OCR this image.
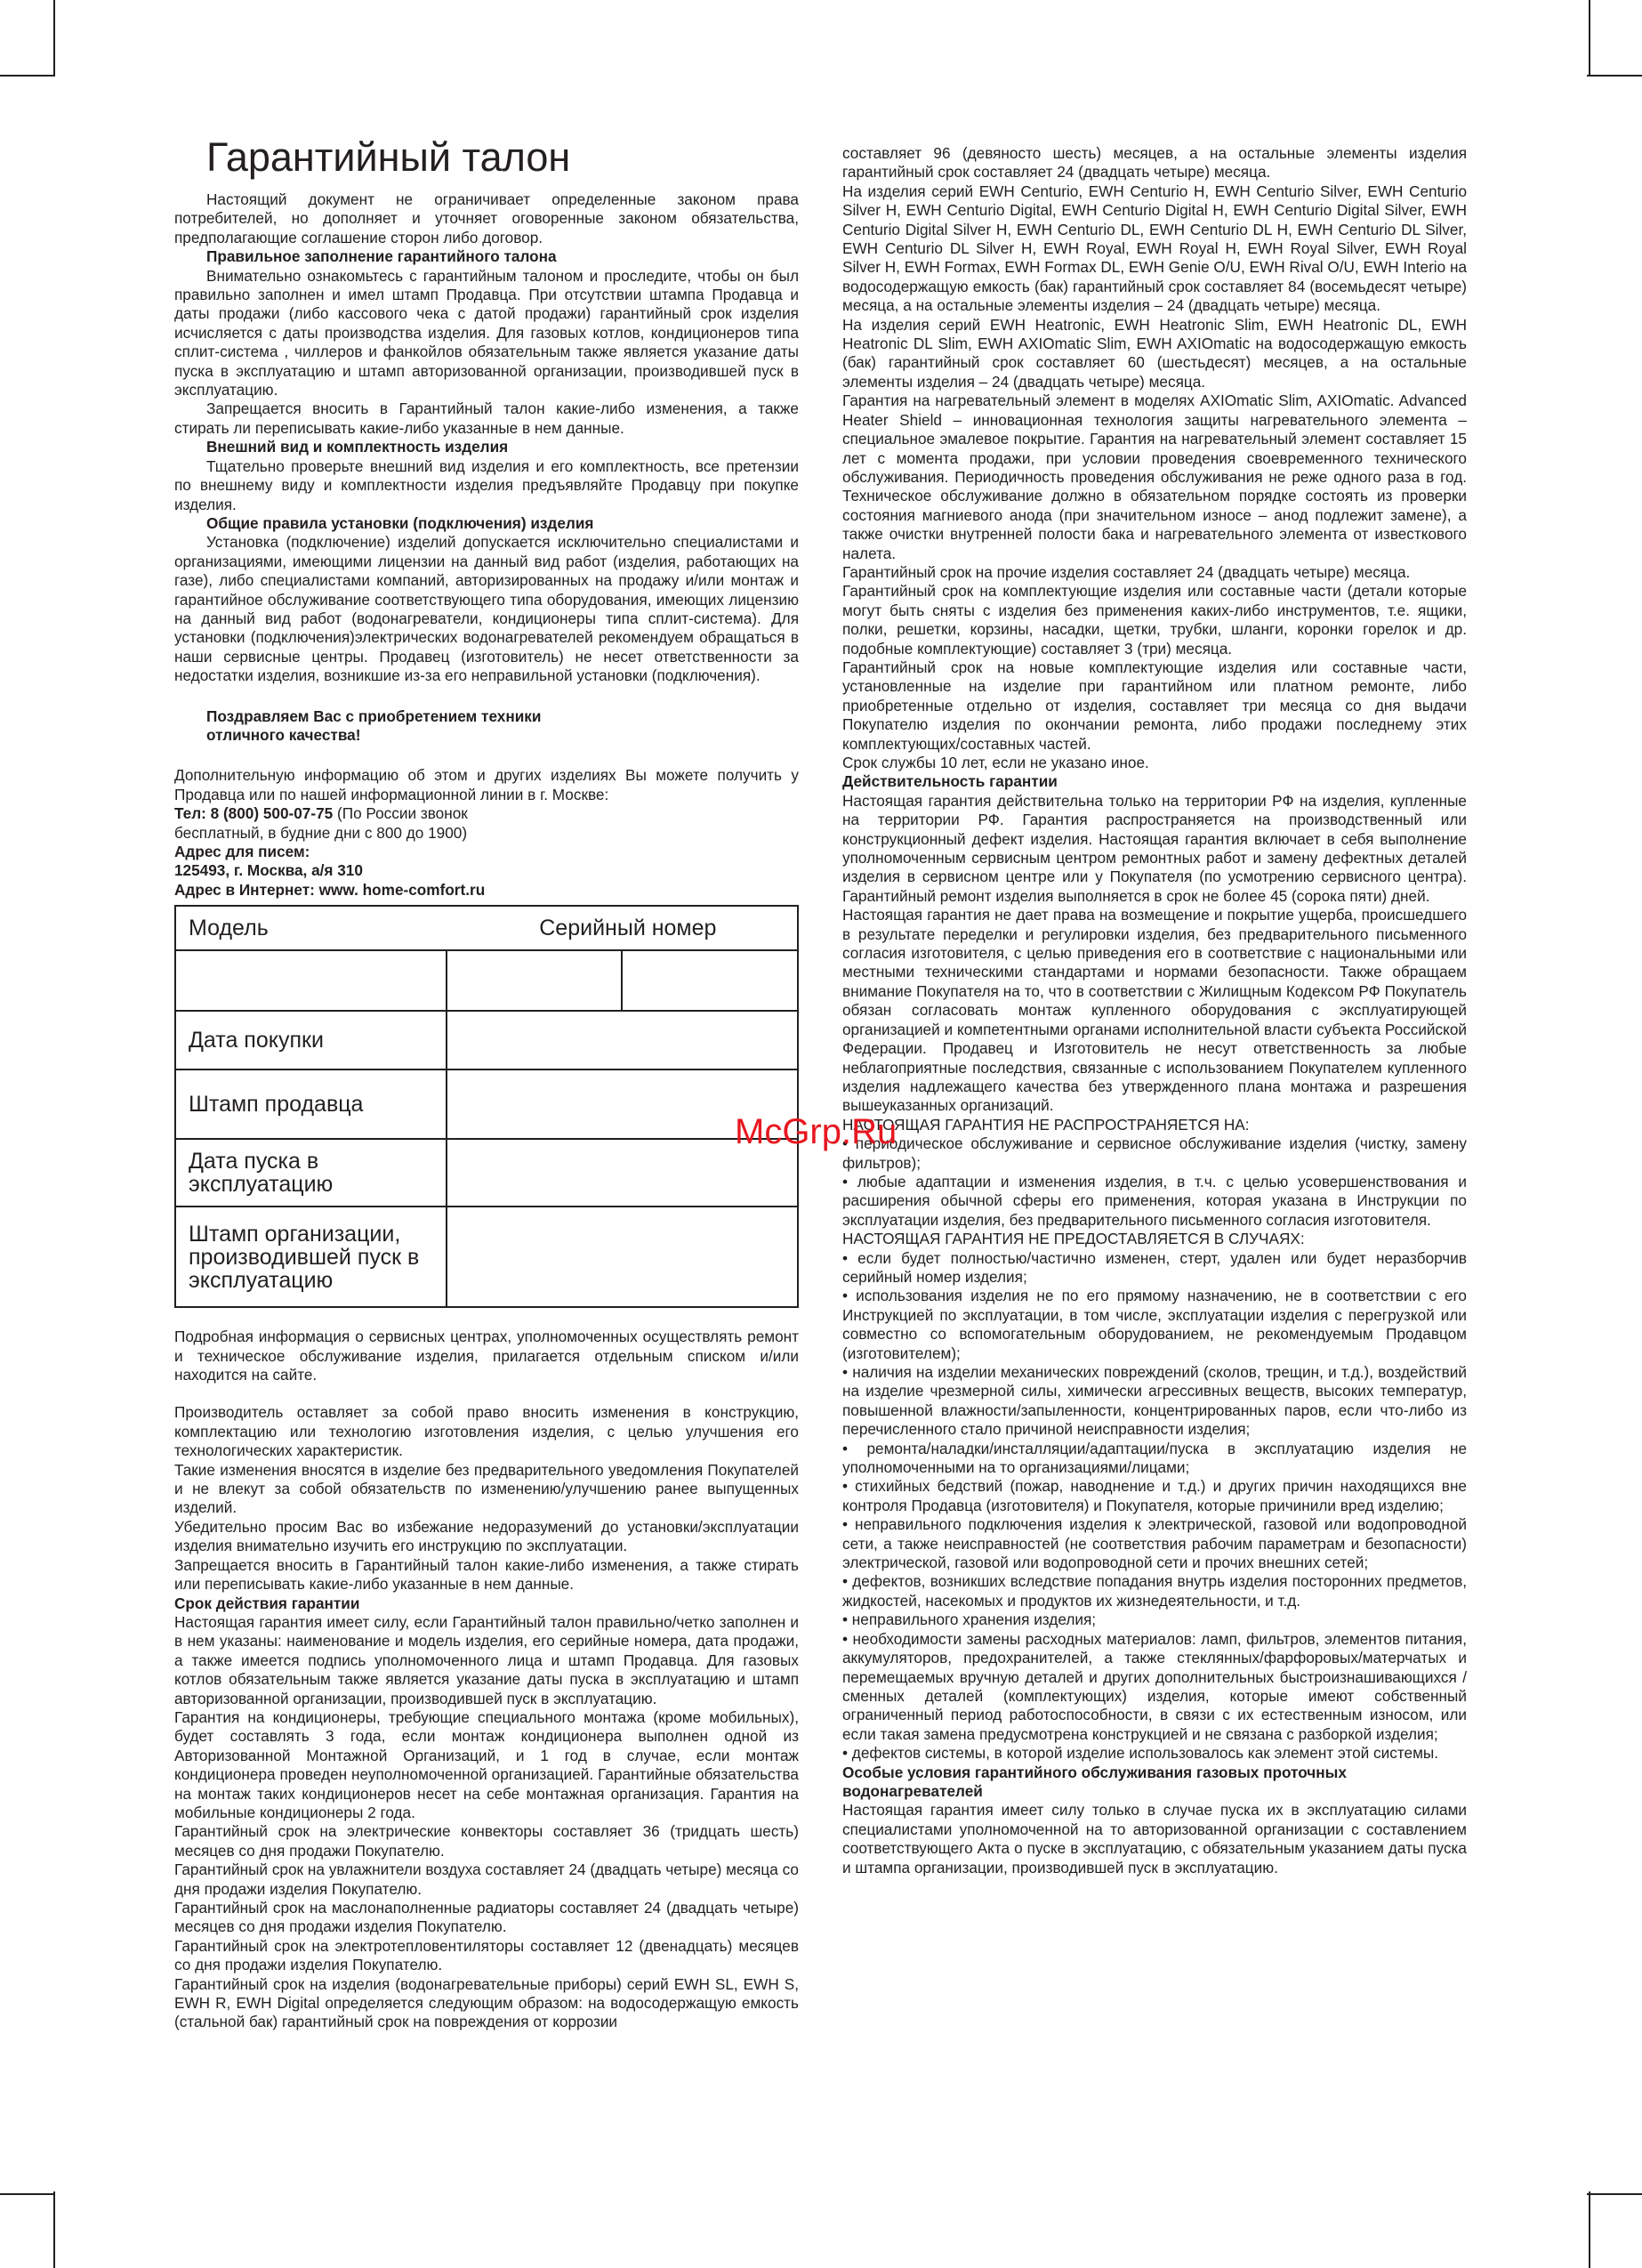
Гарантийный талон

Настоящий документ не ограничивает определенные законом права потребителей, но дополняет и уточняет оговоренные законом обязательства, предполагающие соглашение сторон либо договор.

Правильное заполнение гарантийного талона

Внимательно ознакомьтесь с гарантийным талоном и проследите, чтобы он был правильно заполнен и имел штамп Продавца. При отсутствии штампа Продавца и даты продажи (либо кассового чека с датой продажи) гарантийный срок изделия исчисляется с даты производства изделия. Для газовых котлов, кондиционеров типа сплит-система , чиллеров и фанкойлов обязательным также является указание даты пуска в эксплуатацию и штамп авторизованной организации, производившей пуск в эксплуатацию.

Запрещается вносить в Гарантийный талон какие-либо изменения, а также стирать ли переписывать какие-либо указанные в нем данные.

Внешний вид и комплектность изделия

Тщательно проверьте внешний вид изделия и его комплектность, все претензии по внешнему виду и комплектности изделия предъявляйте Продавцу при покупке изделия.

Общие правила установки (подключения) изделия

Установка (подключение) изделий допускается исключительно специалистами и организациями, имеющими лицензии на данный вид работ (изделия, работающих на газе), либо специалистами компаний, авторизированных на продажу и/или монтаж и гарантийное обслуживание соответствующего типа оборудования, имеющих лицензию на данный вид работ (водонагреватели, кондиционеры типа сплит-система). Для установки (подключения)электрических водонагревателей рекомендуем обращаться в наши сервисные центры. Продавец (изготовитель) не несет ответственности за недостатки изделия, возникшие из-за его неправильной установки (подключения).

Поздравляем Вас с приобретением техники

отличного качества!

Дополнительную информацию об этом и других изделиях Вы можете получить у Продавца или по нашей информационной линии в г. Москве:

Тел: 8 (800) 500-07-75 (По России звонок

бесплатный, в будние дни с 800 до 1900)

Адрес для писем:

125493, г. Москва, а/я 310

Адрес в Интернет: www. home-comfort.ru

Модель	Серийный номер	

Дата покупки		
Штамп продавца		
Дата пуска в эксплуатацию		
Штамп организации, производившей пуск в эксплуатацию		

Подробная информация о сервисных центрах, уполномоченных осуществлять ремонт и техническое обслуживание изделия, прилагается отдельным списком и/или находится на сайте.

Производитель оставляет за собой право вносить изменения в конструкцию, комплектацию или технологию изготовления изделия, с целью улучшения его технологических характеристик.

Такие изменения вносятся в изделие без предварительного уведомления Покупателей и не влекут за собой обязательств по изменению/улучшению ранее выпущенных изделий.

Убедительно просим Вас во избежание недоразумений до установки/эксплуатации изделия внимательно изучить его инструкцию по эксплуатации.

Запрещается вносить в Гарантийный талон какие-либо изменения, а также стирать или переписывать какие-либо указанные в нем данные.

Срок действия гарантии

Настоящая гарантия имеет силу, если Гарантийный талон правильно/четко заполнен и в нем указаны: наименование и модель изделия, его серийные номера, дата продажи, а также имеется подпись уполномоченного лица и штамп Продавца. Для газовых котлов обязательным также является указание даты пуска в эксплуатацию и штамп авторизованной организации, производившей пуск в эксплуатацию.

Гарантия на кондиционеры, требующие специального монтажа (кроме мобильных), будет составлять 3 года, если монтаж кондиционера выполнен одной из Авторизованной Монтажной Организаций, и 1 год в случае, если монтаж кондиционера проведен неуполномоченной организацией. Гарантийные обязательства на монтаж таких кондиционеров несет на себе монтажная организация. Гарантия на мобильные кондиционеры 2 года.

Гарантийный срок на электрические конвекторы составляет 36 (тридцать шесть) месяцев со дня продажи Покупателю.

Гарантийный срок на увлажнители воздуха составляет 24 (двадцать четыре) месяца со дня продажи изделия Покупателю.

Гарантийный срок на маслонаполненные радиаторы составляет 24 (двадцать четыре) месяцев со дня продажи изделия Покупателю.

Гарантийный срок на электротепловентиляторы составляет 12 (двенадцать) месяцев со дня продажи изделия Покупателю.

Гарантийный срок на изделия (водонагревательные приборы) серий EWH SL, EWH S, EWH R, EWH Digital определяется следующим образом: на водосодержащую емкость (стальной бак) гарантийный срок на повреждения от коррозии

составляет 96 (девяносто шесть) месяцев, а на остальные элементы изделия гарантийный срок составляет 24 (двадцать четыре) месяца.

На изделия серий EWH Centurio, EWH Centurio H, EWH Centurio Silver, EWH Centurio Silver H, EWH Centurio Digital, EWH Centurio Digital H, EWH Centurio Digital Silver, EWH Centurio Digital Silver H, EWH Centurio DL, EWH Centurio DL H, EWH Centurio DL Silver, EWH Centurio DL Silver H, EWH Royal, EWH Royal H, EWH Royal Silver, EWH Royal Silver H, EWH Formax, EWH Formax DL, EWH Genie O/U, EWH Rival O/U, EWH Interio на водосодержащую емкость (бак) гарантийный срок составляет 84 (восемьдесят четыре) месяца, а на остальные элементы изделия – 24 (двадцать четыре) месяца.

На изделия серий EWH Heatronic, EWH Heatronic Slim, EWH Heatronic DL, EWH Heatronic DL Slim, EWH AXIOmatic Slim, EWH AXIOmatic на водосодержащую емкость (бак) гарантийный срок составляет 60 (шестьдесят) месяцев, а на остальные элементы изделия – 24 (двадцать четыре) месяца.

Гарантия на нагревательный элемент в моделях AXIOmatic Slim, AXIOmatic. Advanced Heater Shield – инновационная технология защиты нагревательного элемента – специальное эмалевое покрытие. Гарантия на нагревательный элемент составляет 15 лет с момента продажи, при условии проведения своевременного технического обслуживания. Периодичность проведения обслуживания не реже одного раза в год. Техническое обслуживание должно в обязательном порядке состоять из проверки состояния магниевого анода (при значительном износе – анод подлежит замене), а также очистки внутренней полости бака и нагревательного элемента от известкового налета.

Гарантийный срок на прочие изделия составляет 24 (двадцать четыре) месяца.

Гарантийный срок на комплектующие изделия или составные части (детали которые могут быть сняты с изделия без применения каких-либо инструментов, т.е. ящики, полки, решетки, корзины, насадки, щетки, трубки, шланги, коронки горелок и др. подобные комплектующие) составляет 3 (три) месяца.

Гарантийный срок на новые комплектующие изделия или составные части, установленные на изделие при гарантийном или платном ремонте, либо приобретенные отдельно от изделия, составляет три месяца со дня выдачи Покупателю изделия по окончании ремонта, либо продажи последнему этих комплектующих/составных частей.

Срок службы 10 лет, если не указано иное.

Действительность гарантии

Настоящая гарантия действительна только на территории РФ на изделия, купленные на территории РФ. Гарантия распространяется на производственный или конструкционный дефект изделия. Настоящая гарантия включает в себя выполнение уполномоченным сервисным центром ремонтных работ и замену дефектных деталей изделия в сервисном центре или у Покупателя (по усмотрению сервисного центра). Гарантийный ремонт изделия выполняется в срок не более 45 (сорока пяти) дней.

Настоящая гарантия не дает права на возмещение и покрытие ущерба, происшедшего в результате переделки и регулировки изделия, без предварительного письменного согласия изготовителя, с целью приведения его в соответствие с национальными или местными техническими стандартами и нормами безопасности. Также обращаем внимание Покупателя на то, что в соответствии с Жилищным Кодексом РФ Покупатель обязан согласовать монтаж купленного оборудования с эксплуатирующей организацией и компетентными органами исполнительной власти субъекта Российской Федерации. Продавец и Изготовитель не несут ответственность за любые неблагоприятные последствия, связанные с использованием Покупателем купленного изделия надлежащего качества без утвержденного плана монтажа и разрешения вышеуказанных организаций.

НАСТОЯЩАЯ ГАРАНТИЯ НЕ РАСПРОСТРАНЯЕТСЯ НА:

• периодическое обслуживание и сервисное обслуживание изделия (чистку, замену фильтров);

• любые адаптации и изменения изделия, в т.ч. с целью усовершенствования и расширения обычной сферы его применения, которая указана в Инструкции по эксплуатации изделия, без предварительного письменного согласия изготовителя.

НАСТОЯЩАЯ ГАРАНТИЯ НЕ ПРЕДОСТАВЛЯЕТСЯ В СЛУЧАЯХ:

• если будет полностью/частично изменен, стерт, удален или будет неразборчив серийный номер изделия;

• использования изделия не по его прямому назначению, не в соответствии с его Инструкцией по эксплуатации, в том числе, эксплуатации изделия с перегрузкой или совместно со вспомогательным оборудованием, не рекомендуемым Продавцом (изготовителем);

• наличия на изделии механических повреждений (сколов, трещин, и т.д.), воздействий на изделие чрезмерной силы, химически агрессивных веществ, высоких температур, повышенной влажности/запыленности, концентрированных паров, если что-либо из перечисленного стало причиной неисправности изделия;

• ремонта/наладки/инсталляции/адаптации/пуска в эксплуатацию изделия не уполномоченными на то организациями/лицами;

• стихийных бедствий (пожар, наводнение и т.д.) и других причин находящихся вне контроля Продавца (изготовителя) и Покупателя, которые причинили вред изделию;

• неправильного подключения изделия к электрической, газовой или водопроводной сети, а также неисправностей (не соответствия рабочим параметрам и безопасности) электрической, газовой или водопроводной сети и прочих внешних сетей;

• дефектов, возникших вследствие попадания внутрь изделия посторонних предметов, жидкостей, насекомых и продуктов их жизнедеятельности, и т.д.

• неправильного хранения изделия;

• необходимости замены расходных материалов: ламп, фильтров, элементов питания, аккумуляторов, предохранителей, а также стеклянных/фарфоровых/матерчатых и перемещаемых вручную деталей и других дополнительных быстроизнашивающихся /сменных деталей (комплектующих) изделия, которые имеют собственный ограниченный период работоспособности, в связи с их естественным износом, или если такая замена предусмотрена конструкцией и не связана с разборкой изделия;

• дефектов системы, в которой изделие использовалось как элемент этой системы.

Особые условия гарантийного обслуживания газовых проточных водонагревателей

Настоящая гарантия имеет силу только в случае пуска их в эксплуатацию силами специалистами уполномоченной на то авторизованной организации с составлением соответствующего Акта о пуске в эксплуатацию, с обязательным указанием даты пуска и штампа организации, производившей пуск в эксплуатацию.

McGrp.Ru
